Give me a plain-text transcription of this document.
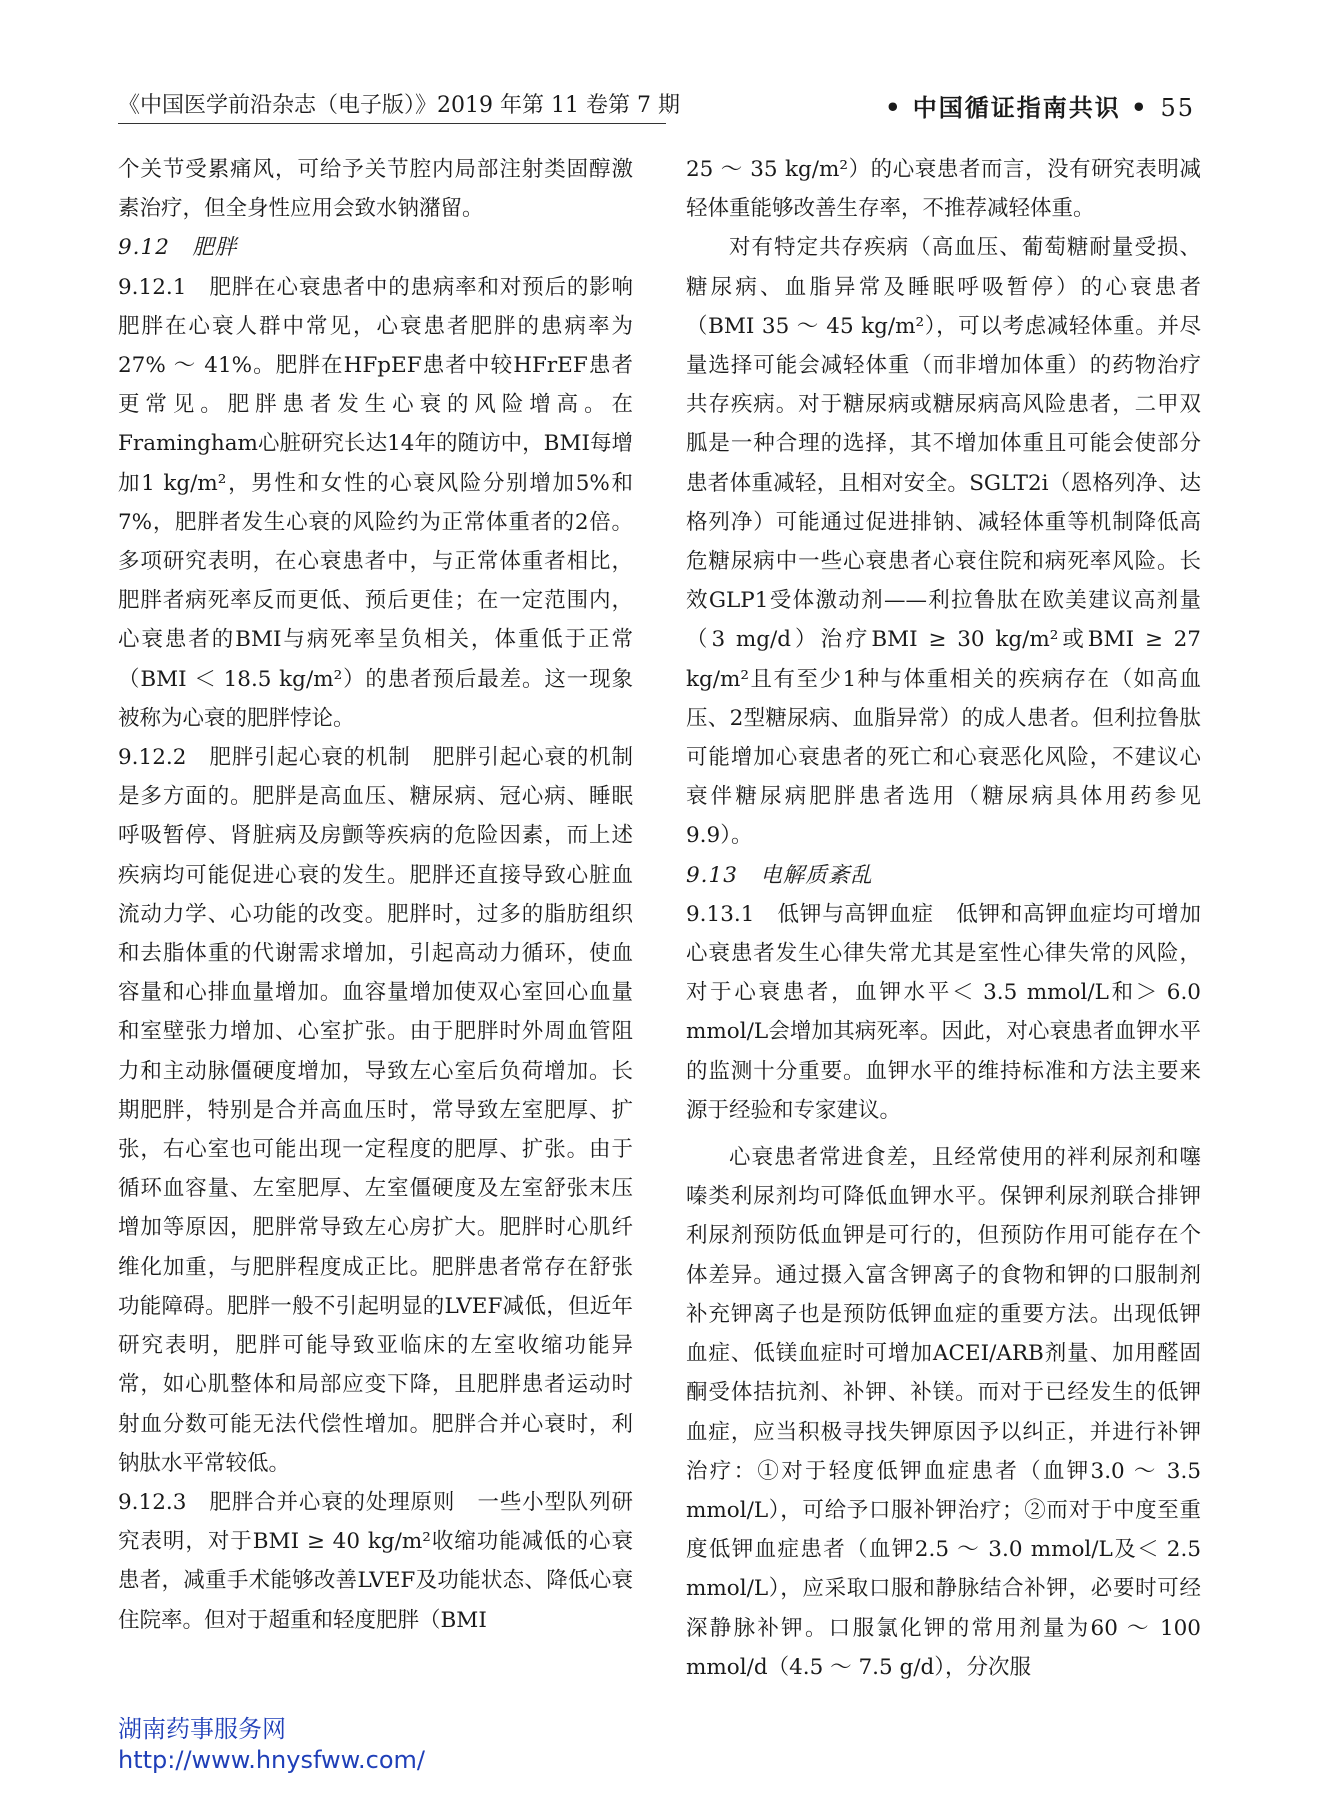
《中国医学前沿杂志（电子版）》2019 年第 11 卷第 7 期	• 中国循证指南共识 • 55

个关节受累痛风，可给予关节腔内局部注射类固醇激素治疗，但全身性应用会致水钠潴留。

9.12　肥胖

9.12.1　肥胖在心衰患者中的患病率和对预后的影响　肥胖在心衰人群中常见，心衰患者肥胖的患病率为27% ～ 41%。肥胖在HFpEF患者中较HFrEF患者更常见。肥胖患者发生心衰的风险增高。在Framingham心脏研究长达14年的随访中，BMI每增加1 kg/m²，男性和女性的心衰风险分别增加5%和7%，肥胖者发生心衰的风险约为正常体重者的2倍。多项研究表明，在心衰患者中，与正常体重者相比，肥胖者病死率反而更低、预后更佳；在一定范围内，心衰患者的BMI与病死率呈负相关，体重低于正常（BMI ＜ 18.5 kg/m²）的患者预后最差。这一现象被称为心衰的肥胖悖论。

9.12.2　肥胖引起心衰的机制　肥胖引起心衰的机制是多方面的。肥胖是高血压、糖尿病、冠心病、睡眠呼吸暂停、肾脏病及房颤等疾病的危险因素，而上述疾病均可能促进心衰的发生。肥胖还直接导致心脏血流动力学、心功能的改变。肥胖时，过多的脂肪组织和去脂体重的代谢需求增加，引起高动力循环，使血容量和心排血量增加。血容量增加使双心室回心血量和室壁张力增加、心室扩张。由于肥胖时外周血管阻力和主动脉僵硬度增加，导致左心室后负荷增加。长期肥胖，特别是合并高血压时，常导致左室肥厚、扩张，右心室也可能出现一定程度的肥厚、扩张。由于循环血容量、左室肥厚、左室僵硬度及左室舒张末压增加等原因，肥胖常导致左心房扩大。肥胖时心肌纤维化加重，与肥胖程度成正比。肥胖患者常存在舒张功能障碍。肥胖一般不引起明显的LVEF减低，但近年研究表明，肥胖可能导致亚临床的左室收缩功能异常，如心肌整体和局部应变下降，且肥胖患者运动时射血分数可能无法代偿性增加。肥胖合并心衰时，利钠肽水平常较低。

9.12.3　肥胖合并心衰的处理原则　一些小型队列研究表明，对于BMI ≥ 40 kg/m²收缩功能减低的心衰患者，减重手术能够改善LVEF及功能状态、降低心衰住院率。但对于超重和轻度肥胖（BMI

25 ～ 35 kg/m²）的心衰患者而言，没有研究表明减轻体重能够改善生存率，不推荐减轻体重。

对有特定共存疾病（高血压、葡萄糖耐量受损、糖尿病、血脂异常及睡眠呼吸暂停）的心衰患者（BMI 35 ～ 45 kg/m²），可以考虑减轻体重。并尽量选择可能会减轻体重（而非增加体重）的药物治疗共存疾病。对于糖尿病或糖尿病高风险患者，二甲双胍是一种合理的选择，其不增加体重且可能会使部分患者体重减轻，且相对安全。SGLT2i（恩格列净、达格列净）可能通过促进排钠、减轻体重等机制降低高危糖尿病中一些心衰患者心衰住院和病死率风险。长效GLP1受体激动剂——利拉鲁肽在欧美建议高剂量（3 mg/d）治疗BMI ≥ 30 kg/m²或BMI ≥ 27 kg/m²且有至少1种与体重相关的疾病存在（如高血压、2型糖尿病、血脂异常）的成人患者。但利拉鲁肽可能增加心衰患者的死亡和心衰恶化风险，不建议心衰伴糖尿病肥胖患者选用（糖尿病具体用药参见9.9）。

9.13　电解质紊乱

9.13.1　低钾与高钾血症　低钾和高钾血症均可增加心衰患者发生心律失常尤其是室性心律失常的风险，对于心衰患者，血钾水平＜ 3.5 mmol/L和＞ 6.0 mmol/L会增加其病死率。因此，对心衰患者血钾水平的监测十分重要。血钾水平的维持标准和方法主要来源于经验和专家建议。

心衰患者常进食差，且经常使用的袢利尿剂和噻嗪类利尿剂均可降低血钾水平。保钾利尿剂联合排钾利尿剂预防低血钾是可行的，但预防作用可能存在个体差异。通过摄入富含钾离子的食物和钾的口服制剂补充钾离子也是预防低钾血症的重要方法。出现低钾血症、低镁血症时可增加ACEI/ARB剂量、加用醛固酮受体拮抗剂、补钾、补镁。而对于已经发生的低钾血症，应当积极寻找失钾原因予以纠正，并进行补钾治疗：①对于轻度低钾血症患者（血钾3.0 ～ 3.5 mmol/L），可给予口服补钾治疗；②而对于中度至重度低钾血症患者（血钾2.5 ～ 3.0 mmol/L及＜ 2.5 mmol/L），应采取口服和静脉结合补钾，必要时可经深静脉补钾。口服氯化钾的常用剂量为60 ～ 100 mmol/d（4.5 ～ 7.5 g/d），分次服

湖南药事服务网
http://www.hnysfww.com/
